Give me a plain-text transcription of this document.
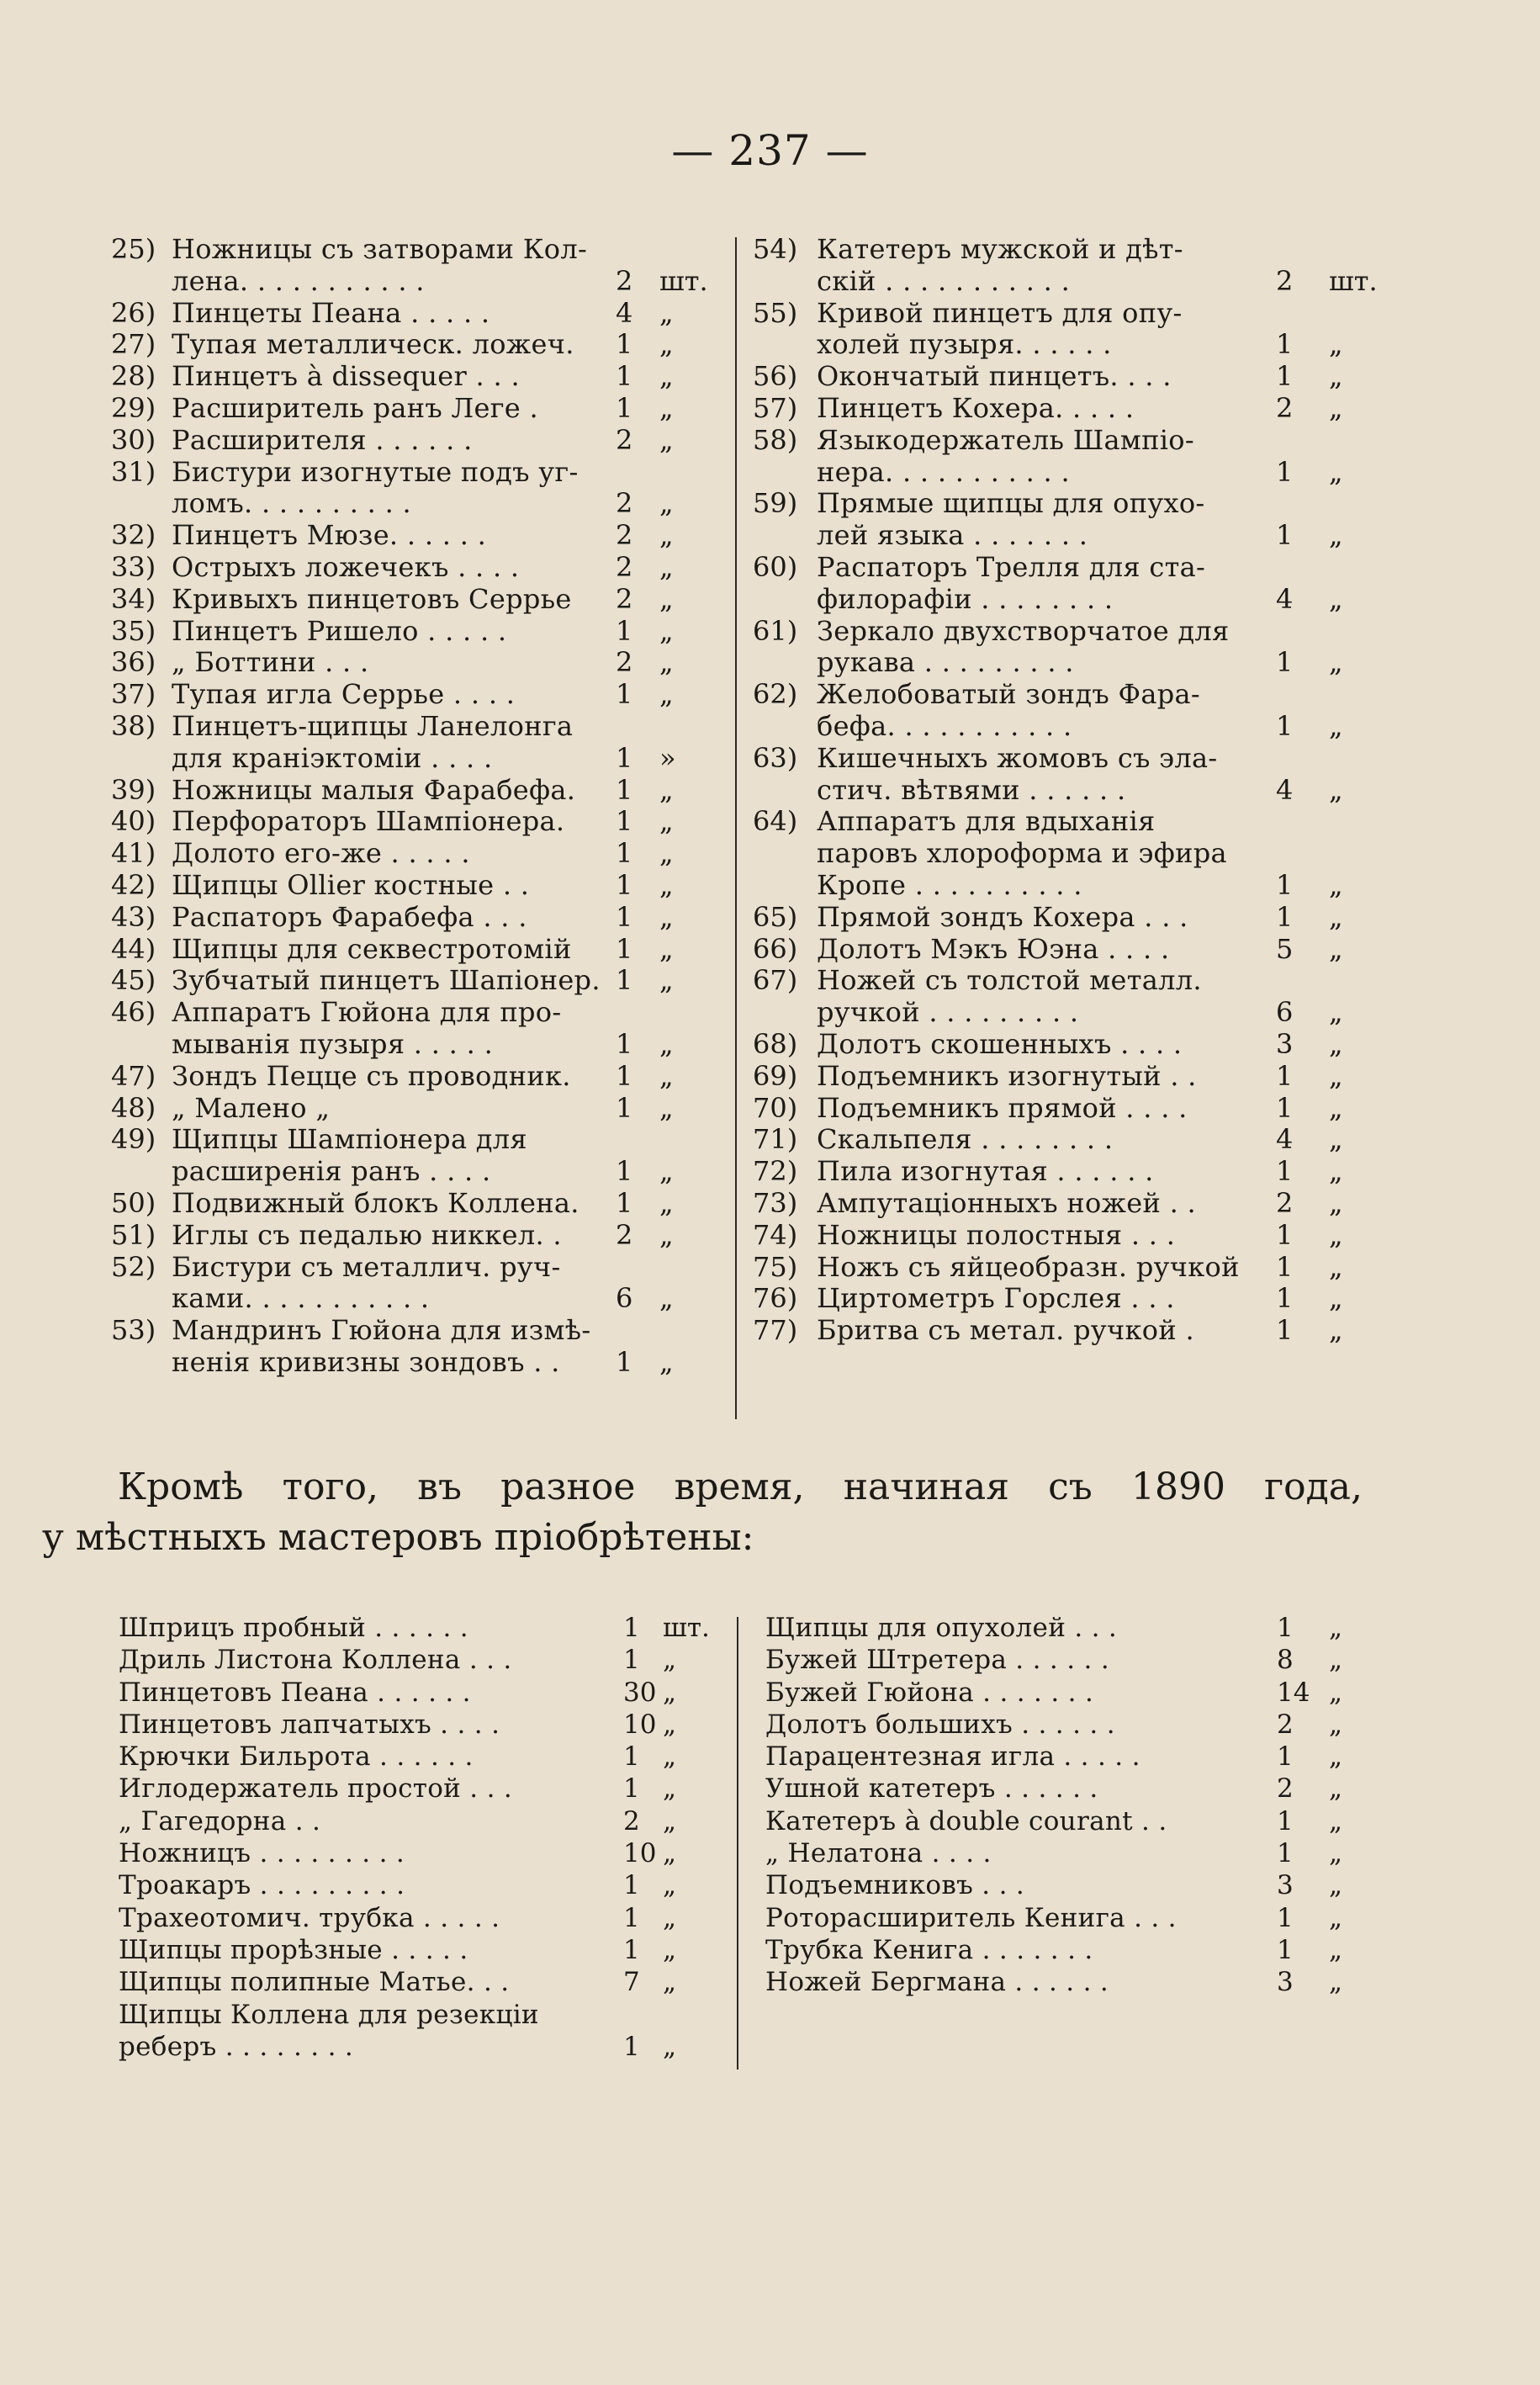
— 237 —
25) Ножницы съ затворами Кол-
лена. . . . . . . . . . .	2 шт.
26) Пинцеты Пеана . . . . .	4 „
27) Тупая металлическ. ложеч. 1 „
28) Пинцетъ à dissequer . . .	1 „
29) Расширитель ранъ Леге .	1 „
30) Расширителя . . . . . .	2 „
31) Бистури изогнутые подъ уг-
ломъ. . . . . . . . . .	2 „
32) Пинцетъ Мюзе. . . . . .	2 „
33) Острыхъ ложечекъ . . . .	2 „
34) Кривыхъ пинцетовъ Серрье 2 „
35) Пинцетъ Ришело . . . . .	1 „
36) „ Боттини . . .	2 „
37) Тупая игла Серрье . . . .	1 „
38) Пинцетъ-щипцы Ланелонга
для краніэктоміи . . . .	1 »
39) Ножницы малыя Фарабефа. 1 „
40) Перфораторъ Шампіонера. 1 „
41) Долото его-же . . . . .	1 „
42) Щипцы Ollier костные . .	1 „
43) Распаторъ Фарабефа . . .	1 „
44) Щипцы для секвестротомій 1 „
45) Зубчатый пинцетъ Шапіонер. 1 „
46) Аппаратъ Гюйона для про-
мыванія пузыря . . . . .	1 „
47) Зондъ Пецце съ проводник. 1 „
48) „ Малено „	1 „
49) Щипцы Шампіонера для
расширенія ранъ . . . .	1 „
50) Подвижный блокъ Коллена. 1 „
51) Иглы съ педалью никкел. . 2 „
52) Бистури съ металлич. руч-
ками. . . . . . . . . . .	6 „
53) Мандринъ Гюйона для измѣ-
ненія кривизны зондовъ . . 1 „
54) Катетеръ мужской и дѣт-
скій . . . . . . . . . . .	2 шт.
55) Кривой пинцетъ для опу-
холей пузыря. . . . . .	1 „
56) Окончатый пинцетъ. . . .	1 „
57) Пинцетъ Кохера. . . . .	2 „
58) Языкодержатель Шампіо-
нера. . . . . . . . . . .	1 „
59) Прямые щипцы для опухо-
лей языка . . . . . . .	1 „
60) Распаторъ Трелля для ста-
филорафіи . . . . . . . .	4 „
61) Зеркало двухстворчатое для
рукава . . . . . . . . .	1 „
62) Желобоватый зондъ Фара-
бефа. . . . . . . . . . .	1 „
63) Кишечныхъ жомовъ съ эла-
стич. вѣтвями . . . . . .	4 „
64) Аппаратъ для вдыханія
паровъ хлороформа и эфира
Кропе . . . . . . . . . .	1 „
65) Прямой зондъ Кохера . . .	1 „
66) Долотъ Мэкъ Юэна . . . .	5 „
67) Ножей съ толстой металл.
ручкой . . . . . . . . .	6 „
68) Долотъ скошенныхъ . . . .	3 „
69) Подъемникъ изогнутый . .	1 „
70) Подъемникъ прямой . . . .	1 „
71) Скальпеля . . . . . . . .	4 „
72) Пила изогнутая . . . . . .	1 „
73) Ампутаціонныхъ ножей . .	2 „
74) Ножницы полостныя . . .	1 „
75) Ножъ съ яйцеобразн. ручкой 1 „
76) Циртометръ Горслея . . .	1 „
77) Бритва съ метал. ручкой .	1 „
Кромѣ того, въ разное время, начиная съ 1890 года,
у мѣстныхъ мастеровъ пріобрѣтены:
Шприцъ пробный . . . . . .	1 шт.
Дриль Листона Коллена . . .	1 „
Пинцетовъ Пеана . . . . . .	30 „
Пинцетовъ лапчатыхъ . . . .	10 „
Крючки Бильрота . . . . . .	1 „
Иглодержатель простой . . .	1 „
„ Гагедорна . .	2 „
Ножницъ . . . . . . . . .	10 „
Троакаръ . . . . . . . . .	1 „
Трахеотомич. трубка . . . . .	1 „
Щипцы прорѣзные . . . . .	1 „
Щипцы полипные Матье. . .	7 „
Щипцы Коллена для резекціи
реберъ . . . . . . . .	1 „
Щипцы для опухолей . . .	1 „
Бужей Штретера . . . . . .	8 „
Бужей Гюйона . . . . . . .	14 „
Долотъ большихъ . . . . . .	2 „
Парацентезная игла . . . . .	1 „
Ушной катетеръ . . . . . .	2 „
Катетеръ à double courant . .	1 „
„ Нелатона . . . .	1 „
Подъемниковъ . . .	3 „
Роторасширитель Кенига . . .	1 „
Трубка Кенига . . . . . . .	1 „
Ножей Бергмана . . . . . .	3 „
